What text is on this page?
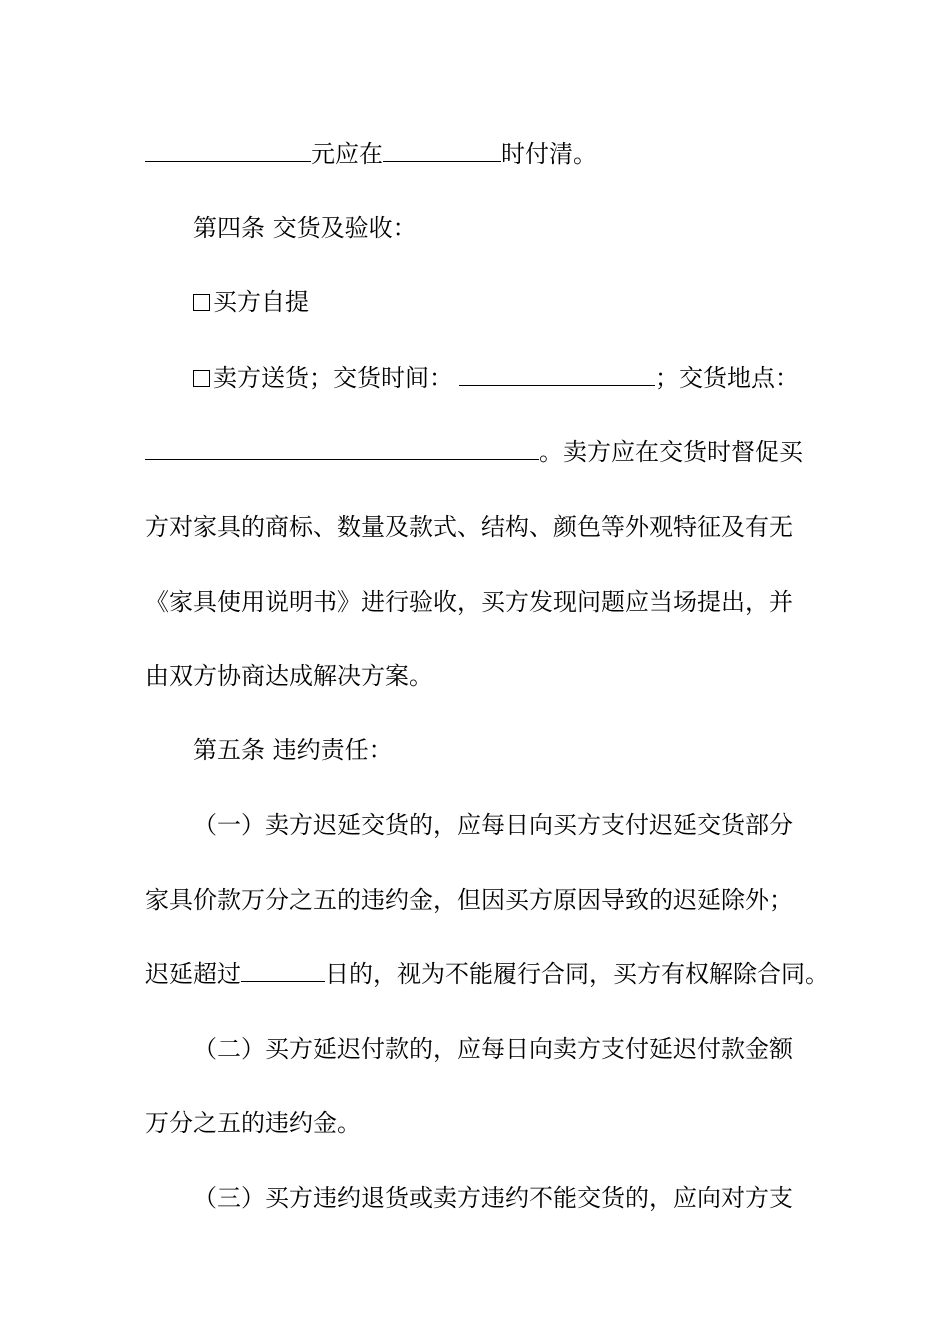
元应在	时付清。
第四条 交货及验收：
买方自提
卖方送货；交货时间：	；交货地点：
。卖方应在交货时督促买
方对家具的商标、数量及款式、结构、颜色等外观特征及有无
《家具使用说明书》进行验收，买方发现问题应当场提出，并
由双方协商达成解决方案。
第五条 违约责任：
（一）卖方迟延交货的，应每日向买方支付迟延交货部分
家具价款万分之五的违约金，但因买方原因导致的迟延除外；
迟延超过	日的，视为不能履行合同，买方有权解除合同。
（二）买方延迟付款的，应每日向卖方支付延迟付款金额
万分之五的违约金。
（三）买方违约退货或卖方违约不能交货的，应向对方支
